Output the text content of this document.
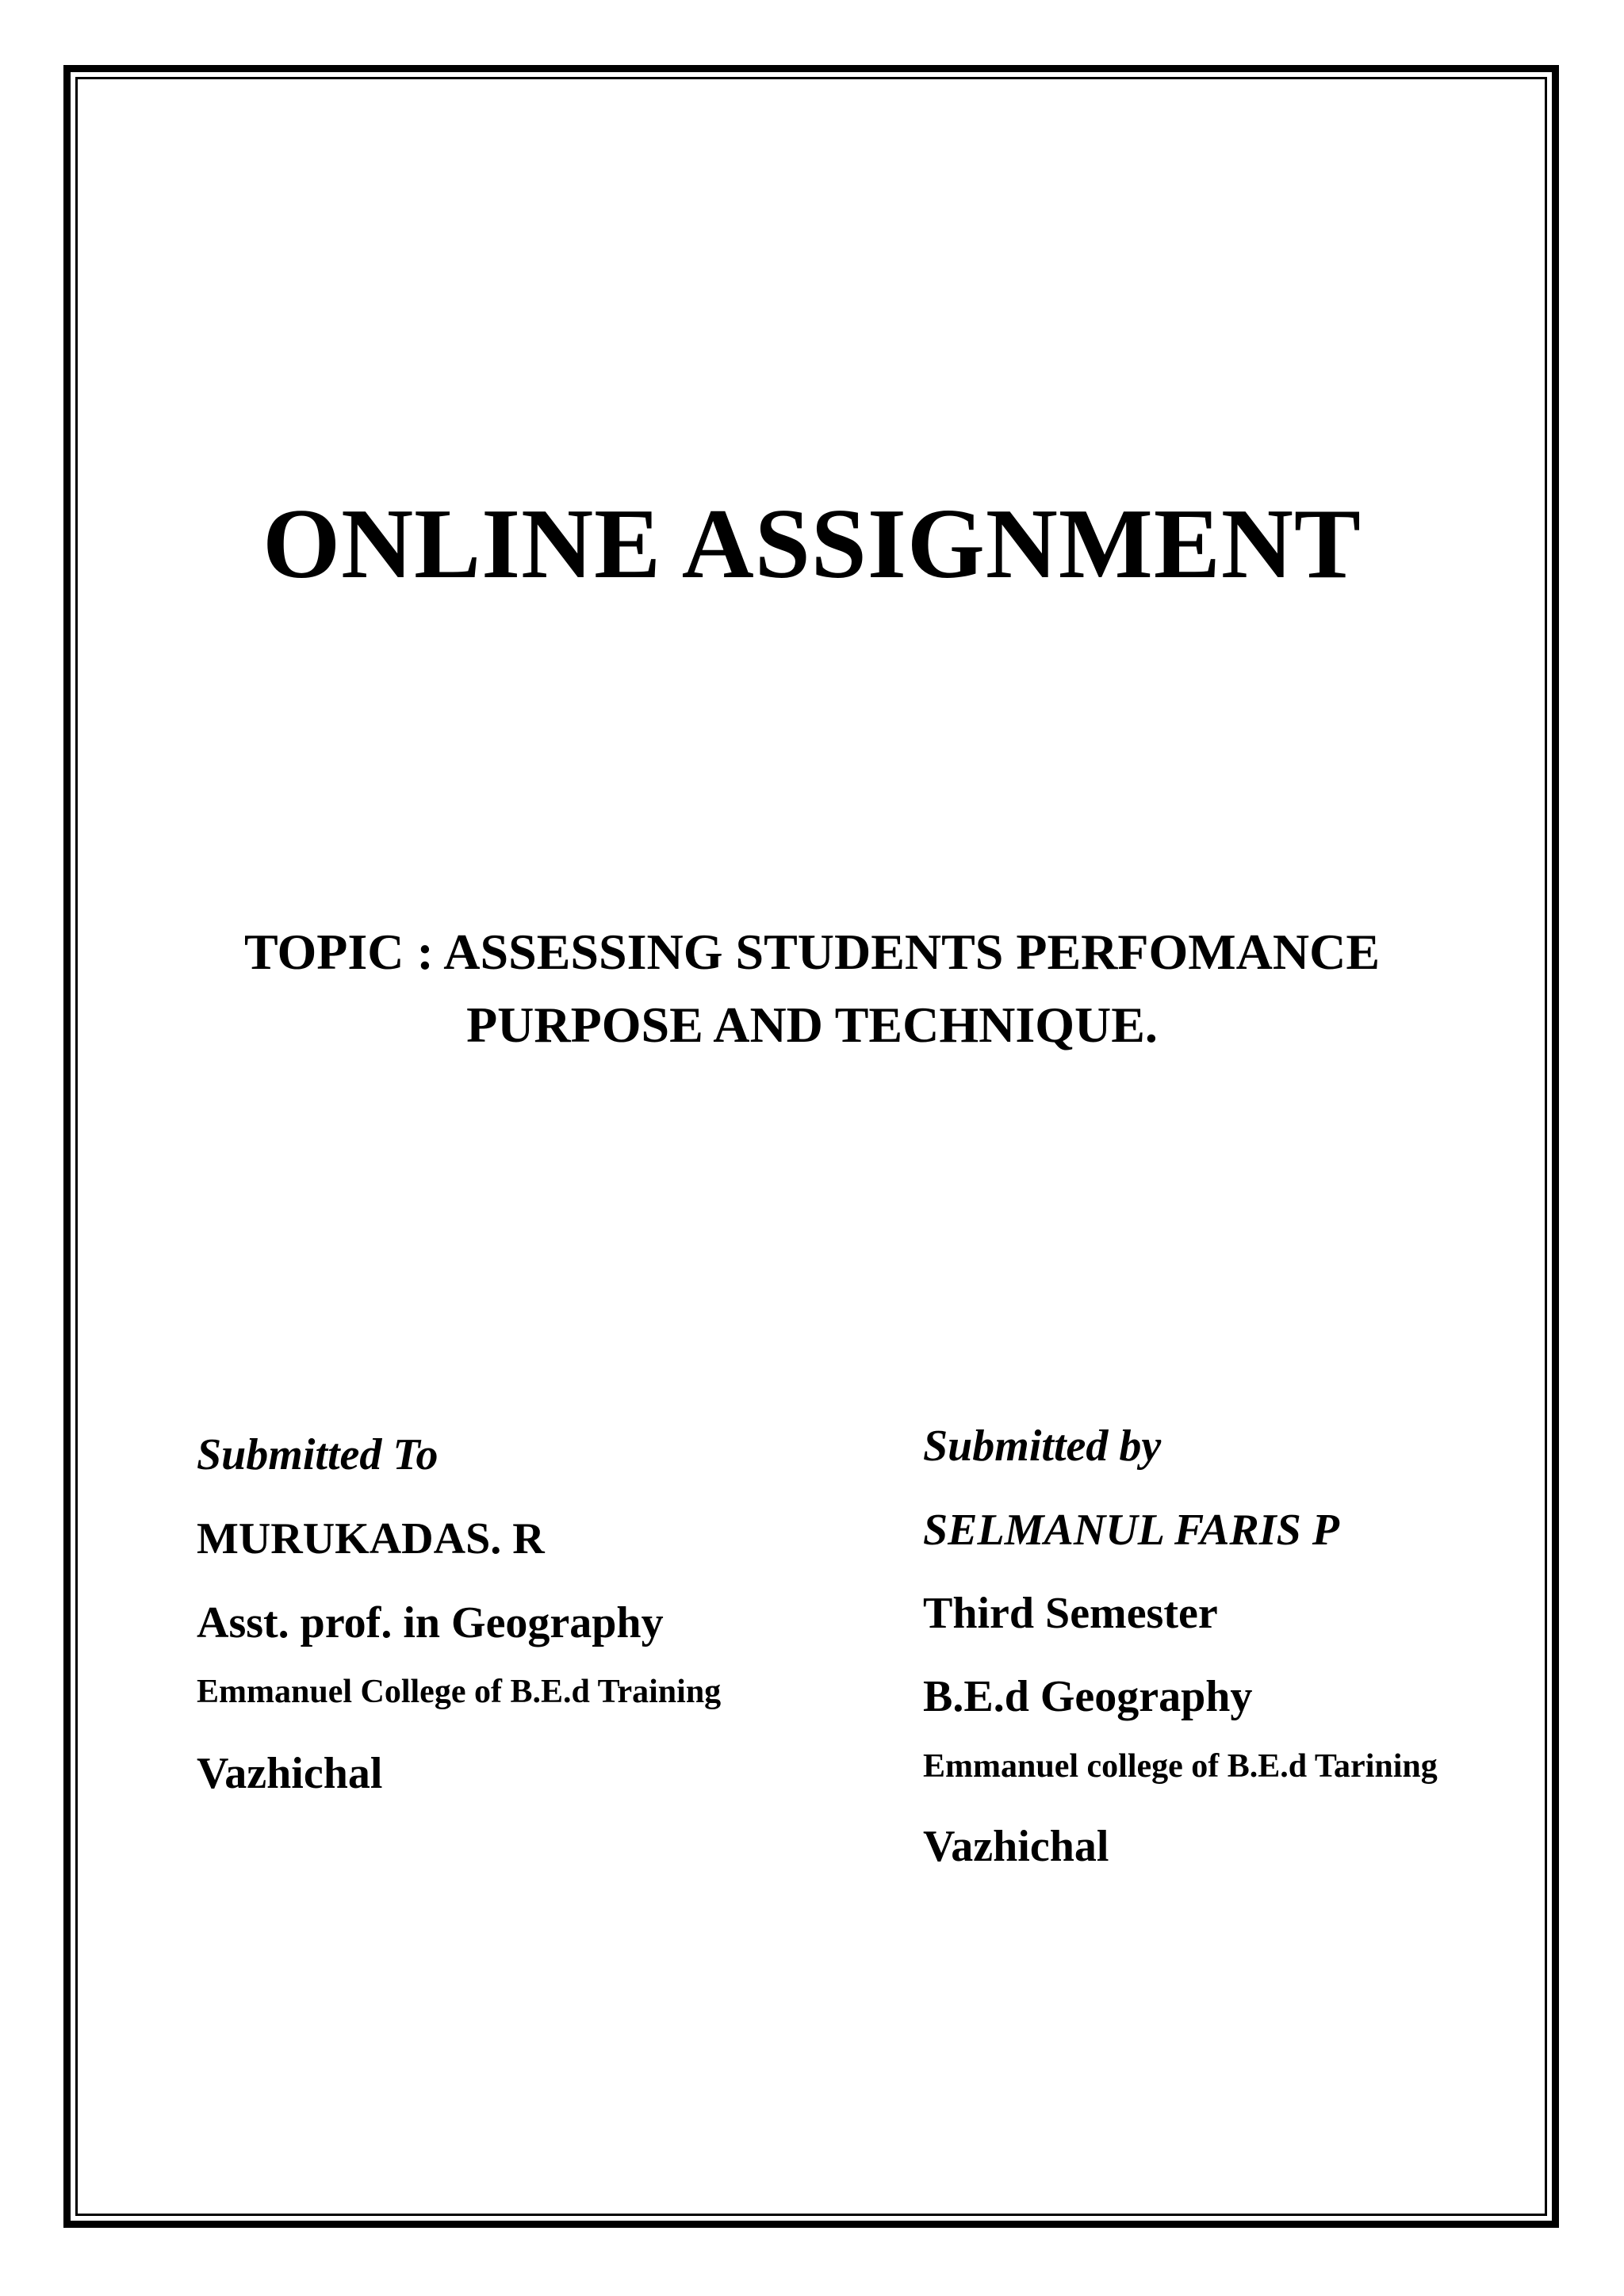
ONLINE ASSIGNMENT
TOPIC : ASSESSING STUDENTS PERFOMANCE
PURPOSE AND TECHNIQUE.
Submitted To
MURUKADAS. R
Asst. prof. in Geography
Emmanuel College of B.E.d Training
Vazhichal
Submitted by
SELMANUL FARIS P
Third Semester
B.E.d Geography
Emmanuel college of B.E.d Tarining
Vazhichal
